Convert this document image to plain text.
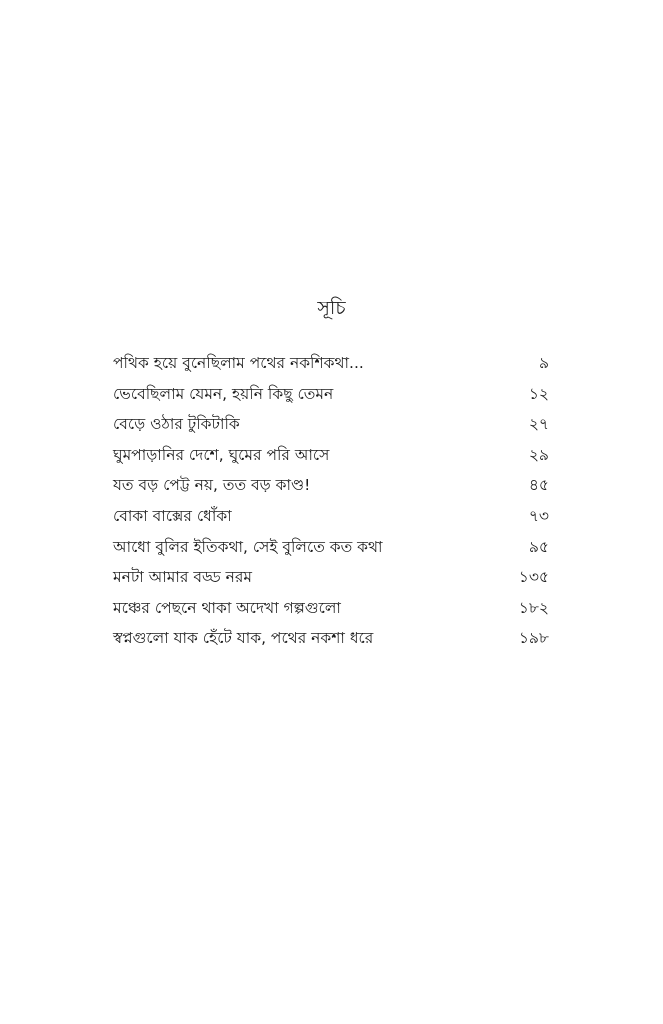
সূচি
পথিক হয়ে বুনেছিলাম পথের নকশিকথা...	৯
ভেবেছিলাম যেমন, হয়নি কিছু তেমন	১২
বেড়ে ওঠার টুকিটাকি	২৭
ঘুমপাড়ানির দেশে, ঘুমের পরি আসে	২৯
যত বড় পেট্ট নয়, তত বড় কাণ্ড!	৪৫
বোকা বাক্সের ধোঁকা	৭৩
আধো বুলির ইতিকথা, সেই বুলিতে কত কথা	৯৫
মনটা আমার বড্ড নরম	১৩৫
মঞ্চের পেছনে থাকা অদেখা গল্পগুলো	১৮২
স্বপ্নগুলো যাক হেঁটে যাক, পথের নকশা ধরে	১৯৮
